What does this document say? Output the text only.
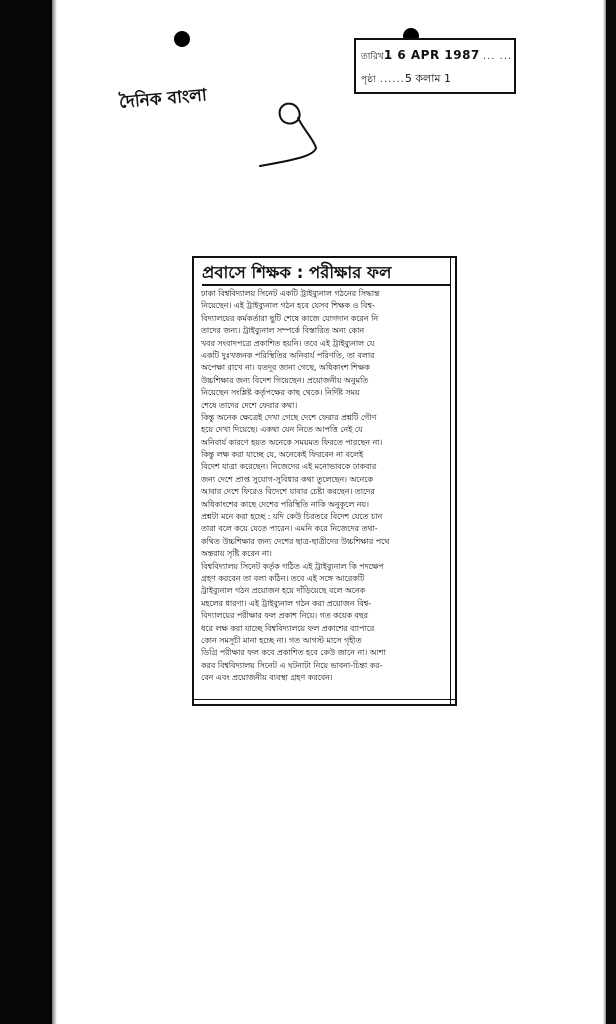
তারিখ1 6 APR 1987 ... ...
পৃষ্ঠা ......5 কলাম 1
দৈনিক বাংলা
প্রবাসে শিক্ষক : পরীক্ষার ফল
ঢাকা বিশ্ববিদ্যালয় সিনেট একটি ট্রাইব্যুনাল গঠনের সিদ্ধান্ত
নিয়েছেন। এই ট্রাইব্যুনাল গঠন হবে যেসব শিক্ষক ও বিশ্ব-
বিদ্যালয়ের কর্মকর্তারা ছুটি শেষে কাজে যোগদান করেন নি
তাদের জন্য। ট্রাইব্যুনাল সম্পর্কে বিস্তারিত অন্য কোন
খবর সংবাদপত্রে প্রকাশিত হয়নি। তবে এই ট্রাইব্যুনাল যে
একটি দুঃখজনক পরিস্থিতির অনিবার্য পরিণতি, তা বলার
অপেক্ষা রাখে না। যতদূর জানা গেছে, অধিকাংশ শিক্ষক
উচ্চশিক্ষার জন্য বিদেশ গিয়েছেন। প্রয়োজনীয় অনুমতি
নিয়েছেন সংশ্লিষ্ট কর্তৃপক্ষের কাছ থেকে। নির্দিষ্ট সময়
শেষে তাদের দেশে ফেরার কথা।
কিন্তু অনেক ক্ষেত্রেই দেখা গেছে দেশে ফেরার প্রশ্নটি গৌণ
হয়ে দেখা দিয়েছে। একথা যেন নিতে আপত্তি নেই যে
অনিবার্য কারণে হয়ত অনেকে সময়মত ফিরতে পারছেন না।
কিন্তু লক্ষ করা যাচ্ছে যে, অনেকেই ফিরবেন না বলেই
বিদেশ যাত্রা করেছেন। নিজেদের এই মনোভাবকে ঢাকবার
জন্য দেশে প্রাপ্ত সুযোগ-সুবিধার কথা তুলেছেন। অনেকে
আবার দেশে ফিরেও বিদেশে যাবার চেষ্টা করছেন। তাদের
অধিকাংশের কাছে দেশের পরিস্থিতি নাকি অনুকূলে নয়।
প্রশ্নটা মনে করা হচ্ছে : যদি কেউ চিরতরে বিদেশ যেতে চান
তারা বলে কয়ে যেতে পারেন। এমনি করে নিজেদের তথা-
কথিত উচ্চশিক্ষার জন্য দেশের ছাত্র-ছাত্রীদের উচ্চশিক্ষার পথে
অন্তরায় সৃষ্টি করেন না।
বিশ্ববিদ্যালয় সিনেট কর্তৃক গঠিত এই ট্রাইব্যুনাল কি পদক্ষেপ
গ্রহণ করবেন তা বলা কঠিন। তবে এই সঙ্গে আরেকটি
ট্রাইব্যুনাল গঠন প্রয়োজন হয়ে দাঁড়িয়েছে বলে অনেক
মহলের ধারণা। এই ট্রাইব্যুনাল গঠন করা প্রয়োজন বিশ্ব-
বিদ্যালয়ের পরীক্ষার ফল প্রকাশ নিয়ে। গত কয়েক বছর
ধরে লক্ষ করা যাচ্ছে বিশ্ববিদ্যালয়ে ফল প্রকাশের ব্যাপারে
কোন সমসূচী মানা হচ্ছে না। গত আগস্ট মাসে গৃহীত
ডিগ্রি পরীক্ষার ফল কবে প্রকাশিত হবে কেউ জানে না। আশা
করব বিশ্ববিদ্যালয় সিনেট এ ঘটনাটা নিয়ে ভাবনা-চিন্তা কর-
বেন এবং প্রয়োজনীয় ব্যবস্থা গ্রহণ করবেন।
